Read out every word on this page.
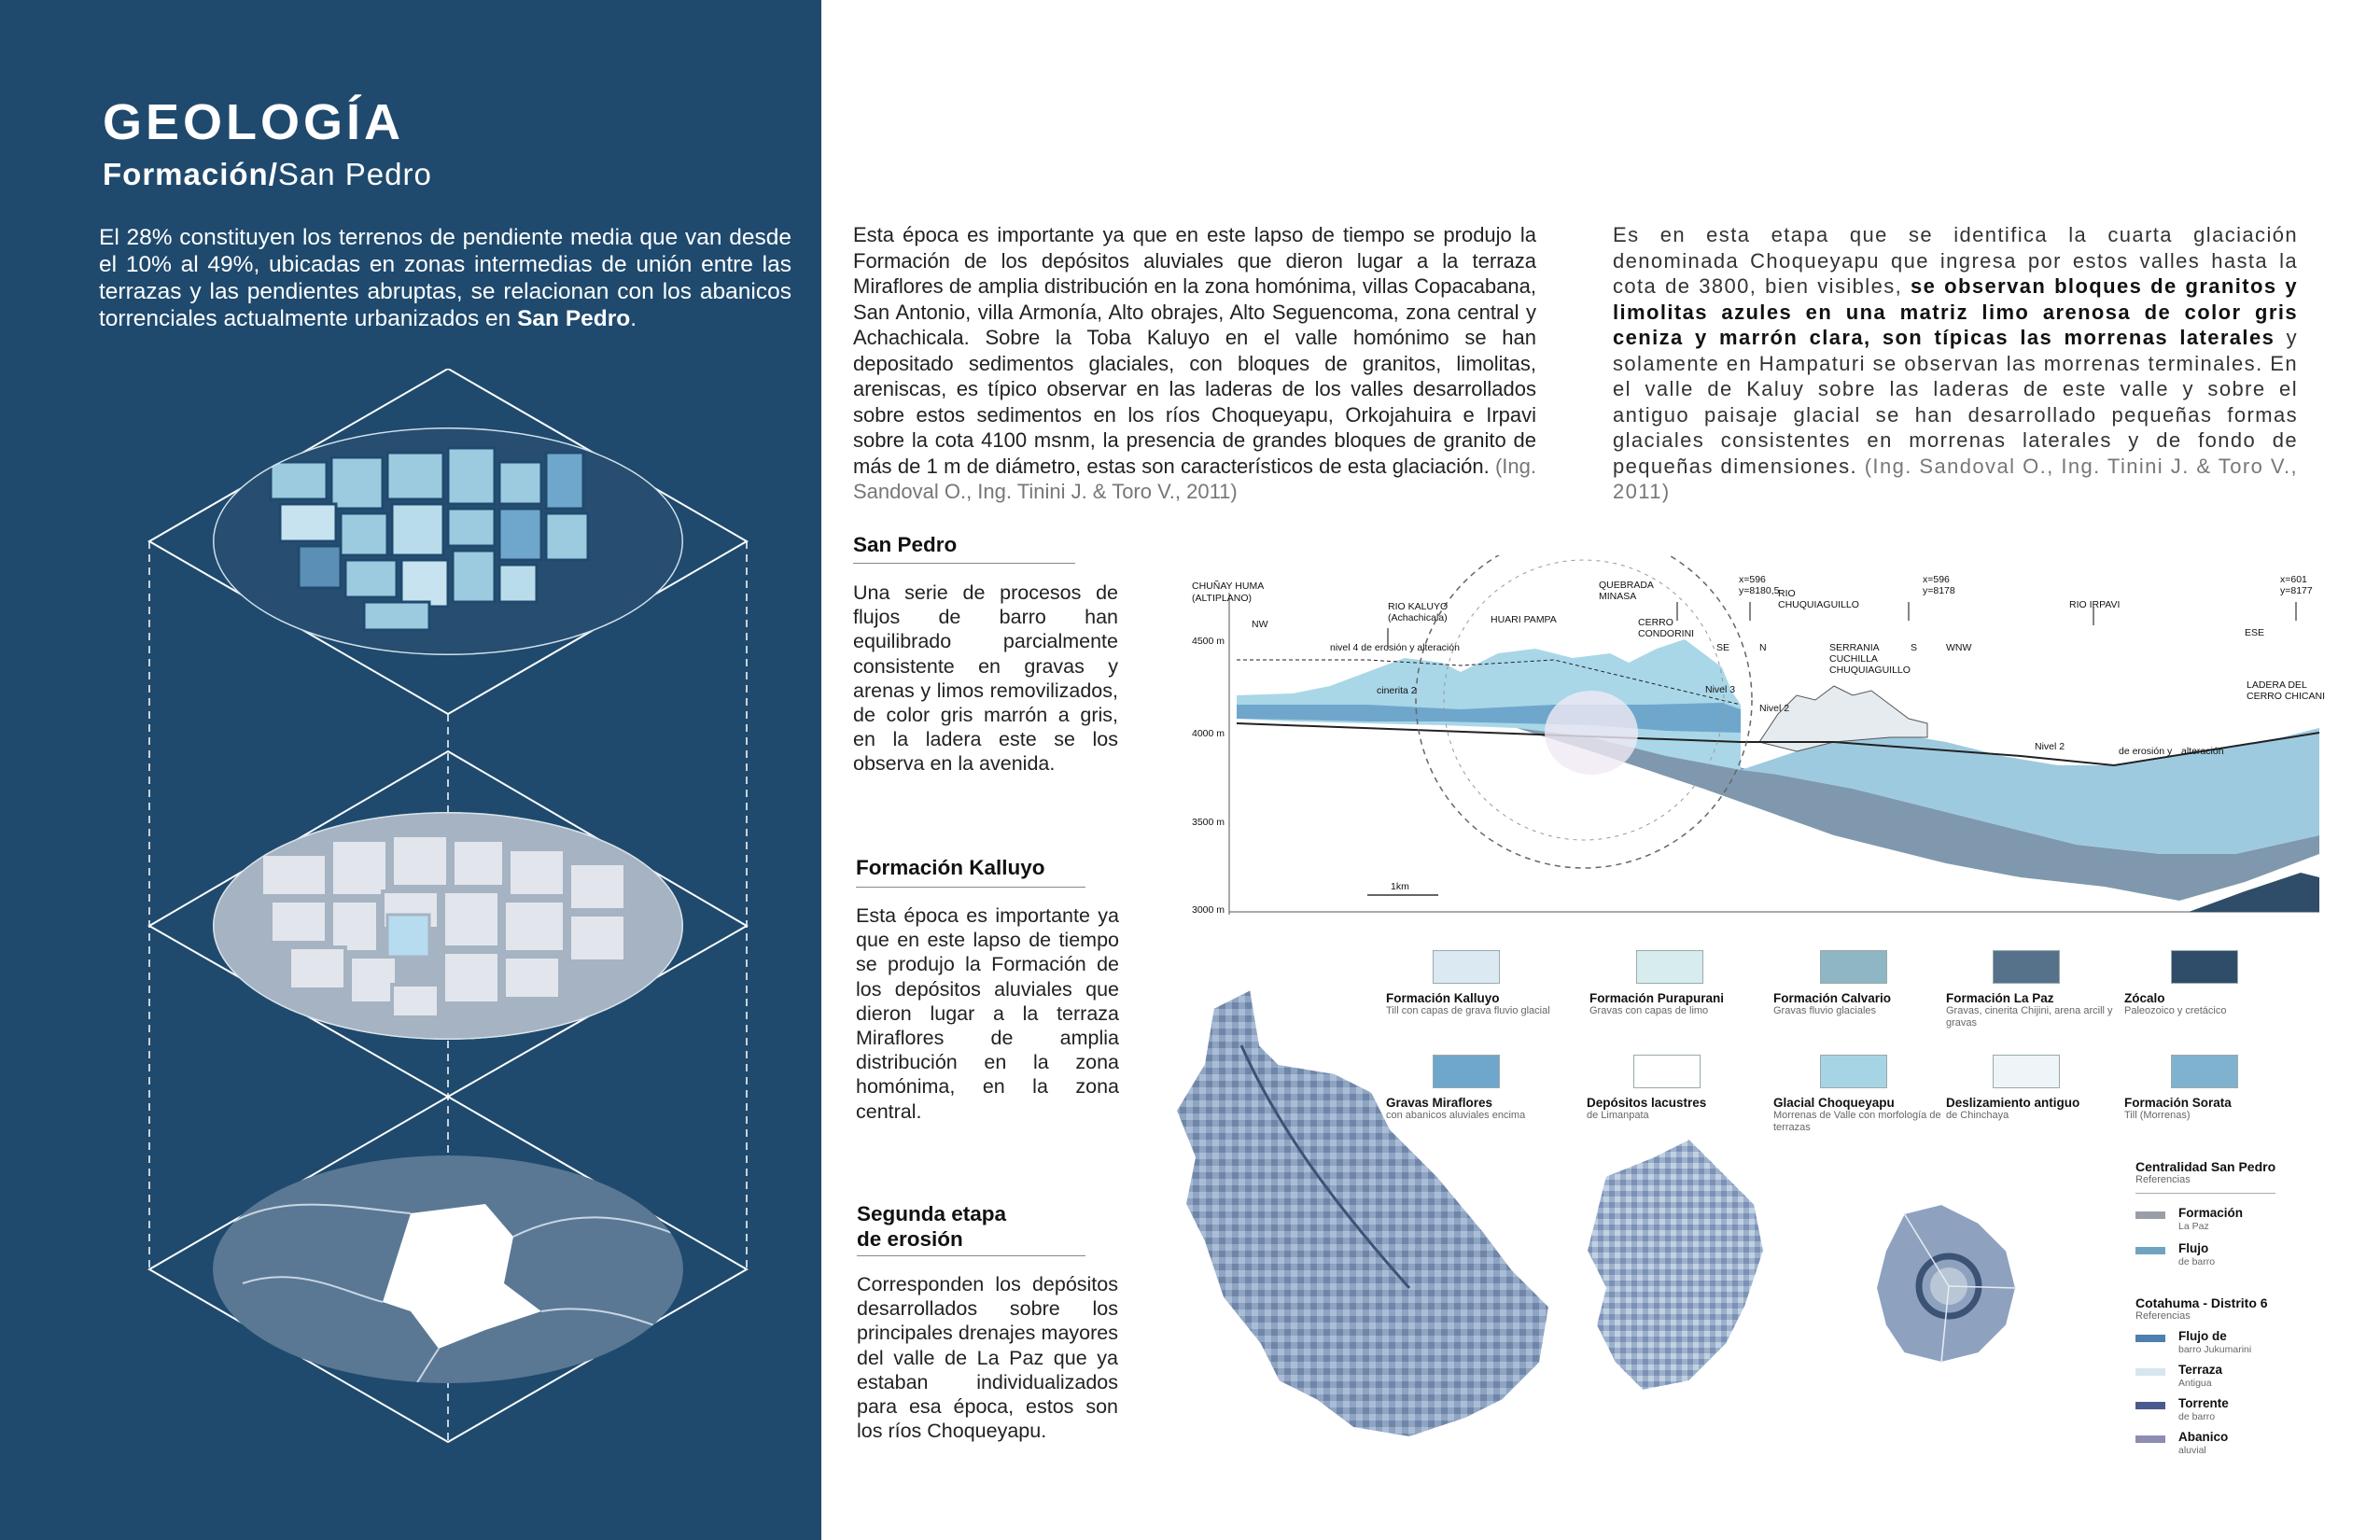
GEOLOGÍA
Formación/San Pedro
El 28% constituyen los terrenos de pendiente media que van desde el 10% al 49%, ubicadas en zonas intermedias de unión entre las terrazas y las pendientes abruptas, se relacionan con los abanicos torrenciales actualmente urbanizados en San Pedro.
Esta época es importante ya que en este lapso de tiempo se produjo la Formación de los depósitos aluviales que dieron lugar a la terraza Miraflores de amplia distribución en la zona homónima, villas Copacabana, San Antonio, villa Armonía, Alto obrajes, Alto Seguencoma, zona central y Achachicala. Sobre la Toba Kaluyo en el valle homónimo se han depositado sedimentos glaciales, con bloques de granitos, limolitas, areniscas, es típico observar en las laderas de los valles desarrollados sobre estos sedimentos en los ríos Choqueyapu, Orkojahuira e Irpavi sobre la cota 4100 msnm, la presencia de grandes bloques de granito de más de 1 m de diámetro, estas son característicos de esta glaciación. (Ing. Sandoval O., Ing. Tinini J. & Toro V., 2011)
Es en esta etapa que se identifica la cuarta glaciación denominada Choqueyapu que ingresa por estos valles hasta la cota de 3800, bien visibles, se observan bloques de granitos y limolitas azules en una matriz limo arenosa de color gris ceniza y marrón clara, son típicas las morrenas laterales y solamente en Hampaturi se observan las morrenas terminales. En el valle de Kaluy sobre las laderas de este valle y sobre el antiguo paisaje glacial se han desarrollado pequeñas formas glaciales consistentes en morrenas laterales y de fondo de pequeñas dimensiones. (Ing. Sandoval O., Ing. Tinini J. & Toro V., 2011)
San Pedro
Una serie de procesos de flujos de barro han equilibrado parcialmente consistente en gravas y arenas y limos removilizados, de color gris marrón a gris, en la ladera este se los observa en la avenida.
Formación Kalluyo
Esta época es importante ya que en este lapso de tiempo se produjo la Formación de los depósitos aluviales que dieron lugar a la terraza Miraflores de amplia distribución en la zona homónima, en la zona central.
Segunda etapa
de erosión
Corresponden los depósitos desarrollados sobre los principales drenajes mayores del valle de La Paz que ya estaban individualizados para esa época, estos son los ríos Choqueyapu.
4500 m
4000 m
3500 m
3000 m
1km
CHUÑAY HUMA
(ALTIPLANO)
NW
RIO KALUYO
(Achachicala)	HUARI PAMPA
nivel 4 de erosión y alteración
QUEBRADA
MINASA
CERRO
CONDORINI
SE	N
x=596
y=8180,5
RIO
CHUQUIAGUILLO
SERRANIA
CUCHILLA
CHUQUIAGUILLO
S	WNW
x=596
y=8178
RIO IRPAVI
x=601
y=8177
ESE
LADERA DEL
CERRO CHICANI
cinerita 2	Nivel 3
Nivel 2
Nivel 2	de erosión y alteración
Formación Kalluyo
Till con capas de grava fluvio glacial
Formación Purapurani
Gravas con capas de limo
Formación Calvario
Gravas fluvio glaciales
Formación La Paz
Gravas, cinerita Chijini, arena arcill y gravas
Zócalo
Paleozoico y cretácico
Gravas Miraflores
con abanicos aluviales encima
Depósitos lacustres
de Limanpata
Glacial Choqueyapu
Morrenas de Valle con morfología de terrazas
Deslizamiento antiguo
de Chinchaya
Formación Sorata
Till (Morrenas)
Centralidad San Pedro
Referencias
Formación
La Paz
Flujo
de barro
Cotahuma - Distrito 6
Referencias
Flujo de
barro Jukumarini
Terraza
Antigua
Torrente
de barro
Abanico
aluvial
